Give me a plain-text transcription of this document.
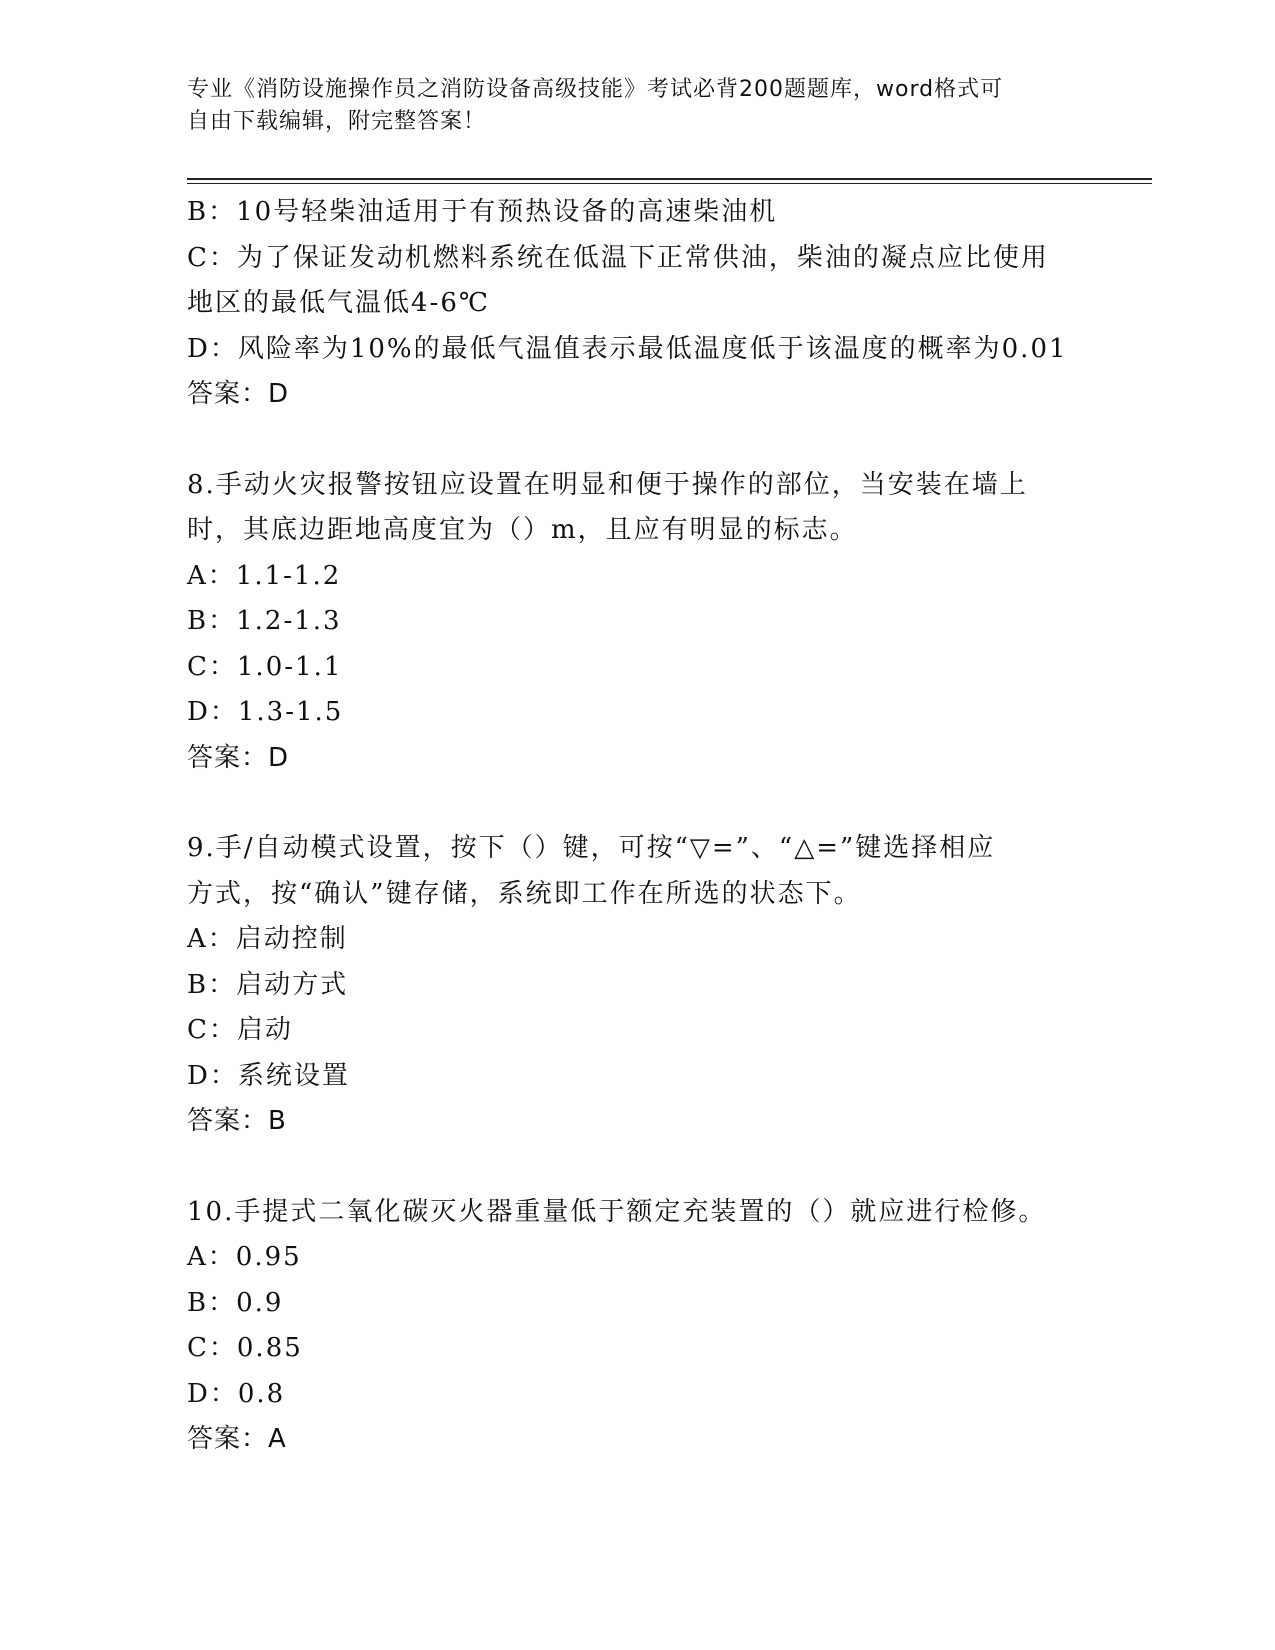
专业《消防设施操作员之消防设备高级技能》考试必背200题题库，word格式可
自由下载编辑，附完整答案！
B：10号轻柴油适用于有预热设备的高速柴油机
C：为了保证发动机燃料系统在低温下正常供油，柴油的凝点应比使用
地区的最低气温低4-6℃
D：风险率为10%的最低气温值表示最低温度低于该温度的概率为0.01
答案：D
8.手动火灾报警按钮应设置在明显和便于操作的部位，当安装在墙上
时，其底边距地高度宜为（）m，且应有明显的标志。
A：1.1-1.2
B：1.2-1.3
C：1.0-1.1
D：1.3-1.5
答案：D
9.手/自动模式设置，按下（）键，可按“▽=”、“△=”键选择相应
方式，按“确认”键存储，系统即工作在所选的状态下。
A：启动控制
B：启动方式
C：启动
D：系统设置
答案：B
10.手提式二氧化碳灭火器重量低于额定充装置的（）就应进行检修。
A：0.95
B：0.9
C：0.85
D：0.8
答案：A
